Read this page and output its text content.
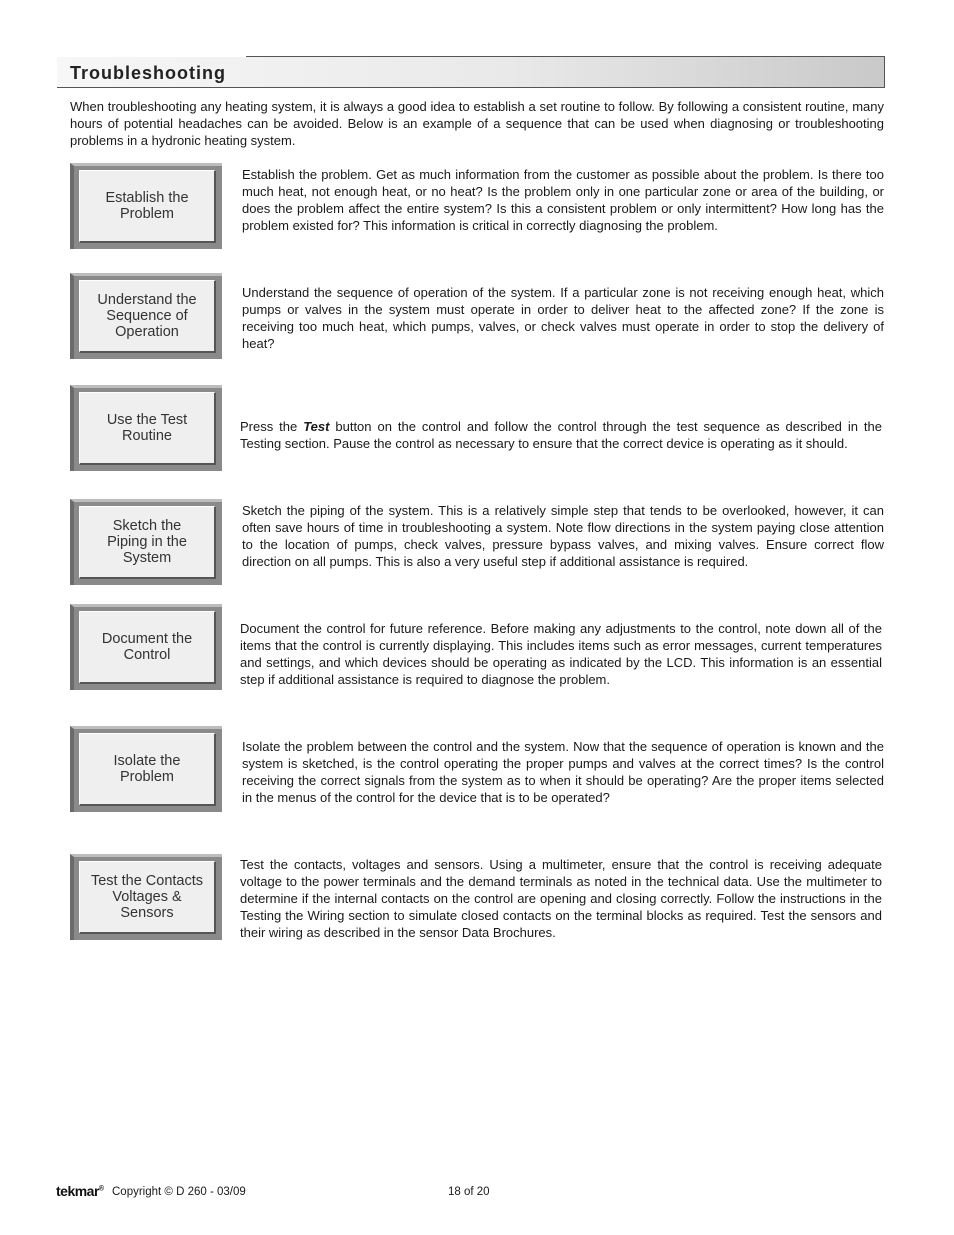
Troubleshooting

When troubleshooting any heating system, it is always a good idea to establish a set routine to follow. By following a consistent routine, many hours of potential headaches can be avoided. Below is an example of a sequence that can be used when diagnosing or troubleshooting problems in a hydronic heating system.

Establish the
Problem

Establish the problem. Get as much information from the customer as possible about the problem. Is there too much heat, not enough heat, or no heat? Is the problem only in one particular zone or area of the building, or does the problem affect the entire system? Is this a consistent problem or only intermittent? How long has the problem existed for? This information is critical in correctly diagnosing the problem.

Understand the
Sequence of
Operation

Understand the sequence of operation of the system. If a particular zone is not receiving enough heat, which pumps or valves in the system must operate in order to deliver heat to the affected zone? If the zone is receiving too much heat, which pumps, valves, or check valves must operate in order to stop the delivery of heat?

Use the Test
Routine

Press the Test button on the control and follow the control through the test sequence as described in the Testing section. Pause the control as necessary to ensure that the correct device is operating as it should.

Sketch the
Piping in the
System

Sketch the piping of the system. This is a relatively simple step that tends to be overlooked, however, it can often save hours of time in troubleshooting a system. Note flow directions in the system paying close attention to the location of pumps, check valves, pressure bypass valves, and mixing valves. Ensure correct flow direction on all pumps. This is also a very useful step if additional assistance is required.

Document the
Control

Document the control for future reference. Before making any adjustments to the control, note down all of the items that the control is currently displaying. This includes items such as error messages, current temperatures and settings, and which devices should be operating as indicated by the LCD. This information is an essential step if additional assistance is required to diagnose the problem.

Isolate the
Problem

Isolate the problem between the control and the system. Now that the sequence of operation is known and the system is sketched, is the control operating the proper pumps and valves at the correct times? Is the control receiving the correct signals from the system as to when it should be operating? Are the proper items selected in the menus of the control for the device that is to be operated?

Test the Contacts
Voltages &
Sensors

Test the contacts, voltages and sensors. Using a multimeter, ensure that the control is receiving adequate voltage to the power terminals and the demand terminals as noted in the technical data. Use the multimeter to determine if the internal contacts on the control are opening and closing correctly. Follow the instructions in the Testing the Wiring section to simulate closed contacts on the terminal blocks as required. Test the sensors and their wiring as described in the sensor Data Brochures.

tekmar® Copyright © D 260 - 03/09	18 of 20
